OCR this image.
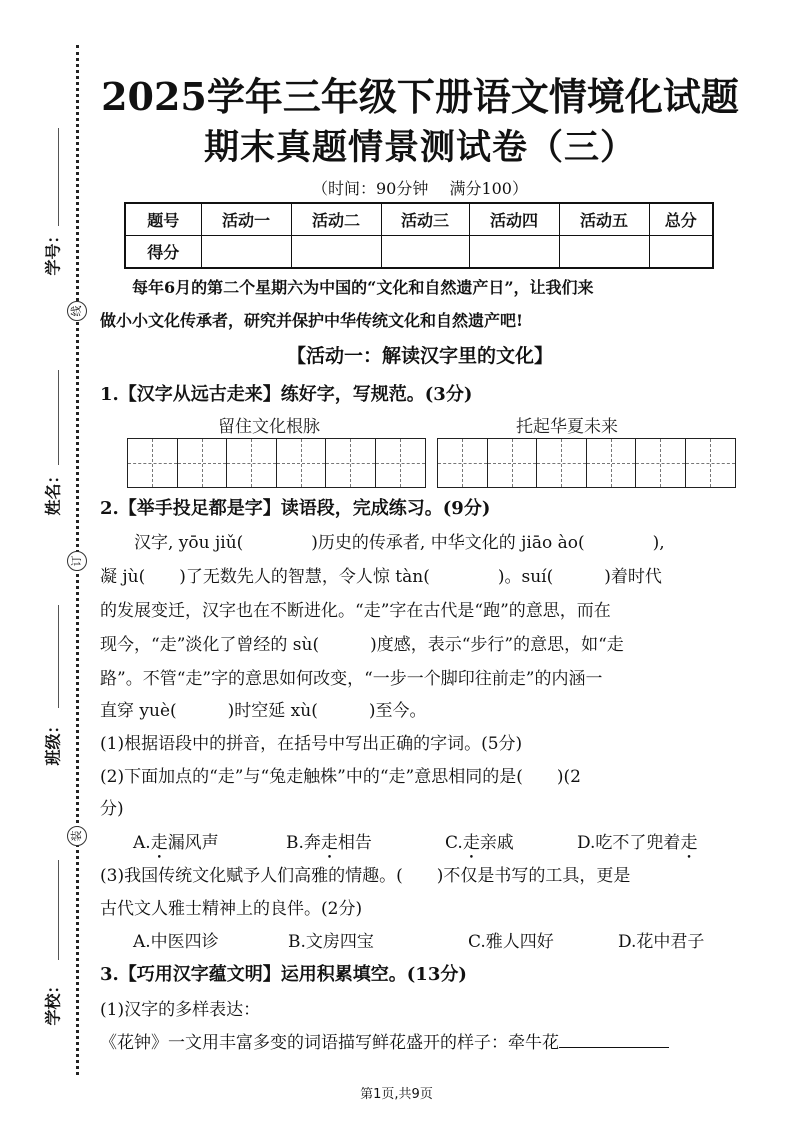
学号：
线
姓名：
订
班级：
装
学校：
2025学年三年级下册语文情境化试题
期末真题情景测试卷（三）
（时间：90分钟　 满分100）
题号	活动一	活动二	活动三	活动四	活动五	总分
得分						
每年6月的第二个星期六为中国的“文化和自然遗产日”，让我们来
做小小文化传承者，研究并保护中华传统文化和自然遗产吧!
【活动一：解读汉字里的文化】
1.【汉字从远古走来】练好字，写规范。(3分)
留住文化根脉	托起华夏未来
2.【举手投足都是字】读语段，完成练习。(9分)
　　汉字, yōu jiǔ(　　　　)历史的传承者, 中华文化的 jiāo ào(　　　　),
凝 jù(　　)了无数先人的智慧，令人惊 tàn(　　　　)。suí(　　　)着时代
的发展变迁，汉字也在不断进化。“走”字在古代是“跑”的意思，而在
现今，“走”淡化了曾经的 sù(　　　)度感，表示“步行”的意思，如“走
路”。不管“走”字的意思如何改变，“一步一个脚印往前走”的内涵一
直穿 yuè(　　　)时空延 xù(　　　)至今。
(1)根据语段中的拼音，在括号中写出正确的字词。(5分)
(2)下面加点的“走”与“兔走触株”中的“走”意思相同的是(　　)(2
分)
A.走漏风声	B.奔走相告	C.走亲戚	D.吃不了兜着走
(3)我国传统文化赋予人们高雅的情趣。(　　)不仅是书写的工具，更是
古代文人雅士精神上的良伴。(2分)
A.中医四诊	B.文房四宝	C.雅人四好	D.花中君子
3.【巧用汉字蕴文明】运用积累填空。(13分)
(1)汉字的多样表达：
《花钟》一文用丰富多变的词语描写鲜花盛开的样子：牵牛花
第1页,共9页
